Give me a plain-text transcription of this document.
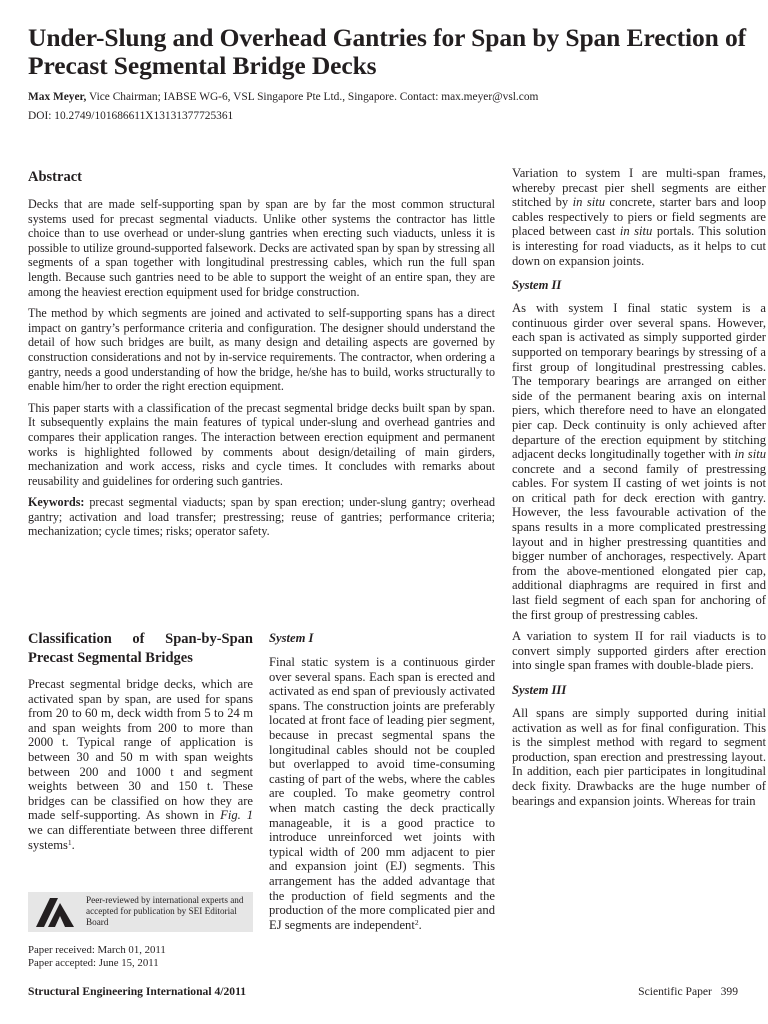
Under-Slung and Overhead Gantries for Span by Span Erection of Precast Segmental Bridge Decks
Max Meyer, Vice Chairman; IABSE WG-6, VSL Singapore Pte Ltd., Singapore. Contact: max.meyer@vsl.com
DOI: 10.2749/101686611X13131377725361
Abstract

Decks that are made self-supporting span by span are by far the most common structural systems used for precast segmental viaducts. Unlike other systems the contractor has little choice than to use overhead or under-slung gantries when erecting such viaducts, unless it is possible to utilize ground-supported falsework. Decks are activated span by span by stressing all segments of a span together with longitudinal prestressing cables, which run the full span length. Because such gantries need to be able to support the weight of an entire span, they are among the heaviest erection equipment used for bridge construction.

The method by which segments are joined and activated to self-supporting spans has a direct impact on gantry’s performance criteria and configuration. The designer should understand the detail of how such bridges are built, as many design and detailing aspects are governed by construction considerations and not by in-service requirements. The contractor, when ordering a gantry, needs a good understanding of how the bridge, he/she has to build, works structurally to enable him/her to order the right erection equipment.

This paper starts with a classification of the precast segmental bridge decks built span by span. It subsequently explains the main features of typical under-slung and overhead gantries and compares their application ranges. The interaction between erection equipment and permanent works is highlighted followed by comments about design/detailing of main girders, mechanization and work access, risks and cycle times. It concludes with remarks about reusability and guidelines for ordering such gantries.

Keywords: precast segmental viaducts; span by span erection; under-slung gantry; overhead gantry; activation and load transfer; prestressing; reuse of gantries; performance criteria; mechanization; cycle times; risks; operator safety.

Classification of Span-by-Span Precast Segmental Bridges

Precast segmental bridge decks, which are activated span by span, are used for spans from 20 to 60 m, deck width from 5 to 24 m and span weights from 200 to more than 2000 t. Typical range of application is between 30 and 50 m with span weights between 200 and 1000 t and segment weights between 30 and 150 t. These bridges can be classified on how they are made self-supporting. As shown in Fig. 1 we can differentiate between three different systems$^1$.

Peer-reviewed by international experts and accepted for publication by SEI Editorial Board
Paper received: March 01, 2011
Paper accepted: June 15, 2011
System I

Final static system is a continuous girder over several spans. Each span is erected and activated as end span of previously activated spans. The construction joints are preferably located at front face of leading pier segment, because in precast segmental spans the longitudinal cables should not be coupled but overlapped to avoid time-consuming casting of part of the webs, where the cables are coupled. To make geometry control when match casting the deck practically manageable, it is a good practice to introduce unreinforced wet joints with typical width of 200 mm adjacent to pier and expansion joint (EJ) segments. This arrangement has the added advantage that the production of field segments and the production of the more complicated pier and EJ segments are independent$^2$.

Variation to system I are multi-span frames, whereby precast pier shell segments are either stitched by in situ concrete, starter bars and loop cables respectively to piers or field segments are placed between cast in situ portals. This solution is interesting for road viaducts, as it helps to cut down on expansion joints.

System II

As with system I final static system is a continuous girder over several spans. However, each span is activated as simply supported girder supported on temporary bearings by stressing of a first group of longitudinal prestressing cables. The temporary bearings are arranged on either side of the permanent bearing axis on internal piers, which therefore need to have an elongated pier cap. Deck continuity is only achieved after departure of the erection equipment by stitching adjacent decks longitudinally together with in situ concrete and a second family of prestressing cables. For system II casting of wet joints is not on critical path for deck erection with gantry. However, the less favourable activation of the spans results in a more complicated prestressing layout and in higher prestressing quantities and bigger number of anchorages, respectively. Apart from the above-mentioned elongated pier cap, additional diaphragms are required in first and last field segment of each span for anchoring of the first group of prestressing cables.

A variation to system II for rail viaducts is to convert simply supported girders after erection into single span frames with double-blade piers.

System III

All spans are simply supported during initial activation as well as for final configuration. This is the simplest method with regard to segment production, span erection and prestressing layout. In addition, each pier participates in longitudinal deck fixity. Drawbacks are the huge number of bearings and expansion joints. Whereas for train

Structural Engineering International 4/2011	Scientific Paper 399
